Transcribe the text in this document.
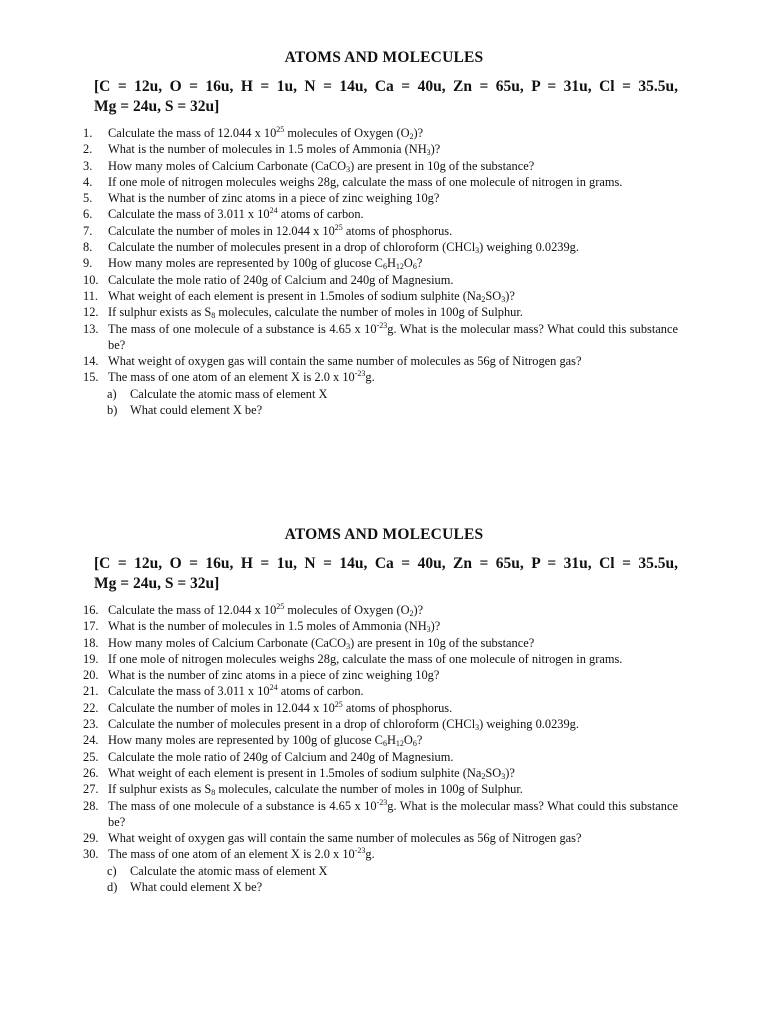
ATOMS AND MOLECULES
[C = 12u, O = 16u, H = 1u, N = 14u, Ca = 40u, Zn = 65u, P = 31u, Cl = 35.5u,
Mg = 24u, S = 32u]
1.	Calculate the mass of 12.044 x $10^{25}$ molecules of Oxygen $(O_2)$?
2.	What is the number of molecules in 1.5 moles of Ammonia $(NH_3)$?
3.	How many moles of Calcium Carbonate (CaCO$_3$) are present in 10g of the substance?
4.	If one mole of nitrogen molecules weighs 28g, calculate the mass of one molecule of nitrogen in grams.
5.	What is the number of zinc atoms in a piece of zinc weighing 10g?
6.	Calculate the mass of 3.011 x $10^{24}$ atoms of carbon.
7.	Calculate the number of moles in 12.044 x $10^{25}$ atoms of phosphorus.
8.	Calculate the number of molecules present in a drop of chloroform (CHCl$_3$) weighing 0.0239g.
9.	How many moles are represented by 100g of glucose $C_6H_{12}O_6$?
10. Calculate the mole ratio of 240g of Calcium and 240g of Magnesium.
11. What weight of each element is present in 1.5moles of sodium sulphite $(Na_2SO_3)$?
12. If sulphur exists as $S_8$ molecules, calculate the number of moles in 100g of Sulphur.
13. The mass of one molecule of a substance is 4.65 x $10^{-23}g$. What is the molecular mass? What could this substance be?
14. What weight of oxygen gas will contain the same number of molecules as 56g of Nitrogen gas?
15. The mass of one atom of an element X is 2.0 x $10^{-23}g$.
a) Calculate the atomic mass of element X
b) What could element X be?
ATOMS AND MOLECULES
[C = 12u, O = 16u, H = 1u, N = 14u, Ca = 40u, Zn = 65u, P = 31u, Cl = 35.5u,
Mg = 24u, S = 32u]
16. Calculate the mass of 12.044 x $10^{25}$ molecules of Oxygen $(O_2)$?
17. What is the number of molecules in 1.5 moles of Ammonia $(NH_3)$?
18. How many moles of Calcium Carbonate (CaCO$_3$) are present in 10g of the substance?
19. If one mole of nitrogen molecules weighs 28g, calculate the mass of one molecule of nitrogen in grams.
20. What is the number of zinc atoms in a piece of zinc weighing 10g?
21. Calculate the mass of 3.011 x $10^{24}$ atoms of carbon.
22. Calculate the number of moles in 12.044 x $10^{25}$ atoms of phosphorus.
23. Calculate the number of molecules present in a drop of chloroform (CHCl$_3$) weighing 0.0239g.
24. How many moles are represented by 100g of glucose $C_6H_{12}O_6$?
25. Calculate the mole ratio of 240g of Calcium and 240g of Magnesium.
26. What weight of each element is present in 1.5moles of sodium sulphite $(Na_2SO_3)$?
27. If sulphur exists as $S_8$ molecules, calculate the number of moles in 100g of Sulphur.
28. The mass of one molecule of a substance is 4.65 x $10^{-23}g$. What is the molecular mass? What could this substance be?
29. What weight of oxygen gas will contain the same number of molecules as 56g of Nitrogen gas?
30. The mass of one atom of an element X is 2.0 x $10^{-23}g$.
c) Calculate the atomic mass of element X
d) What could element X be?
